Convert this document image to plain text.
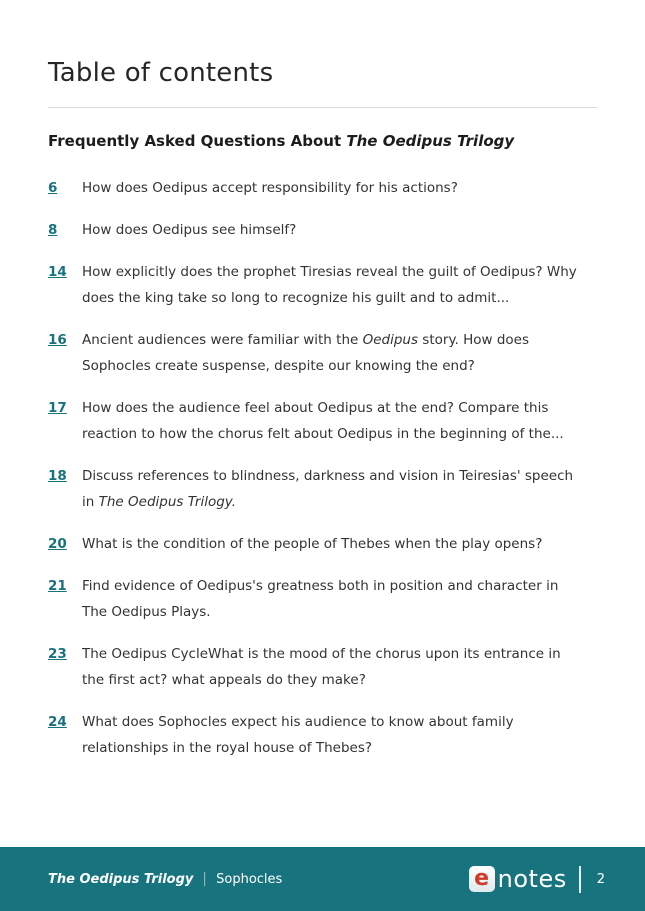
Table of contents
Frequently Asked Questions About The Oedipus Trilogy
6	How does Oedipus accept responsibility for his actions?
8	How does Oedipus see himself?
14	How explicitly does the prophet Tiresias reveal the guilt of Oedipus? Why does the king take so long to recognize his guilt and to admit...
16	Ancient audiences were familiar with the Oedipus story. How does Sophocles create suspense, despite our knowing the end?
17	How does the audience feel about Oedipus at the end? Compare this reaction to how the chorus felt about Oedipus in the beginning of the...
18	Discuss references to blindness, darkness and vision in Teiresias' speech in The Oedipus Trilogy.
20	What is the condition of the people of Thebes when the play opens?
21	Find evidence of Oedipus's greatness both in position and character in The Oedipus Plays.
23	The Oedipus CycleWhat is the mood of the chorus upon its entrance in the first act? what appeals do they make?
24	What does Sophocles expect his audience to know about family relationships in the royal house of Thebes?
The Oedipus Trilogy | Sophocles	e notes 2
